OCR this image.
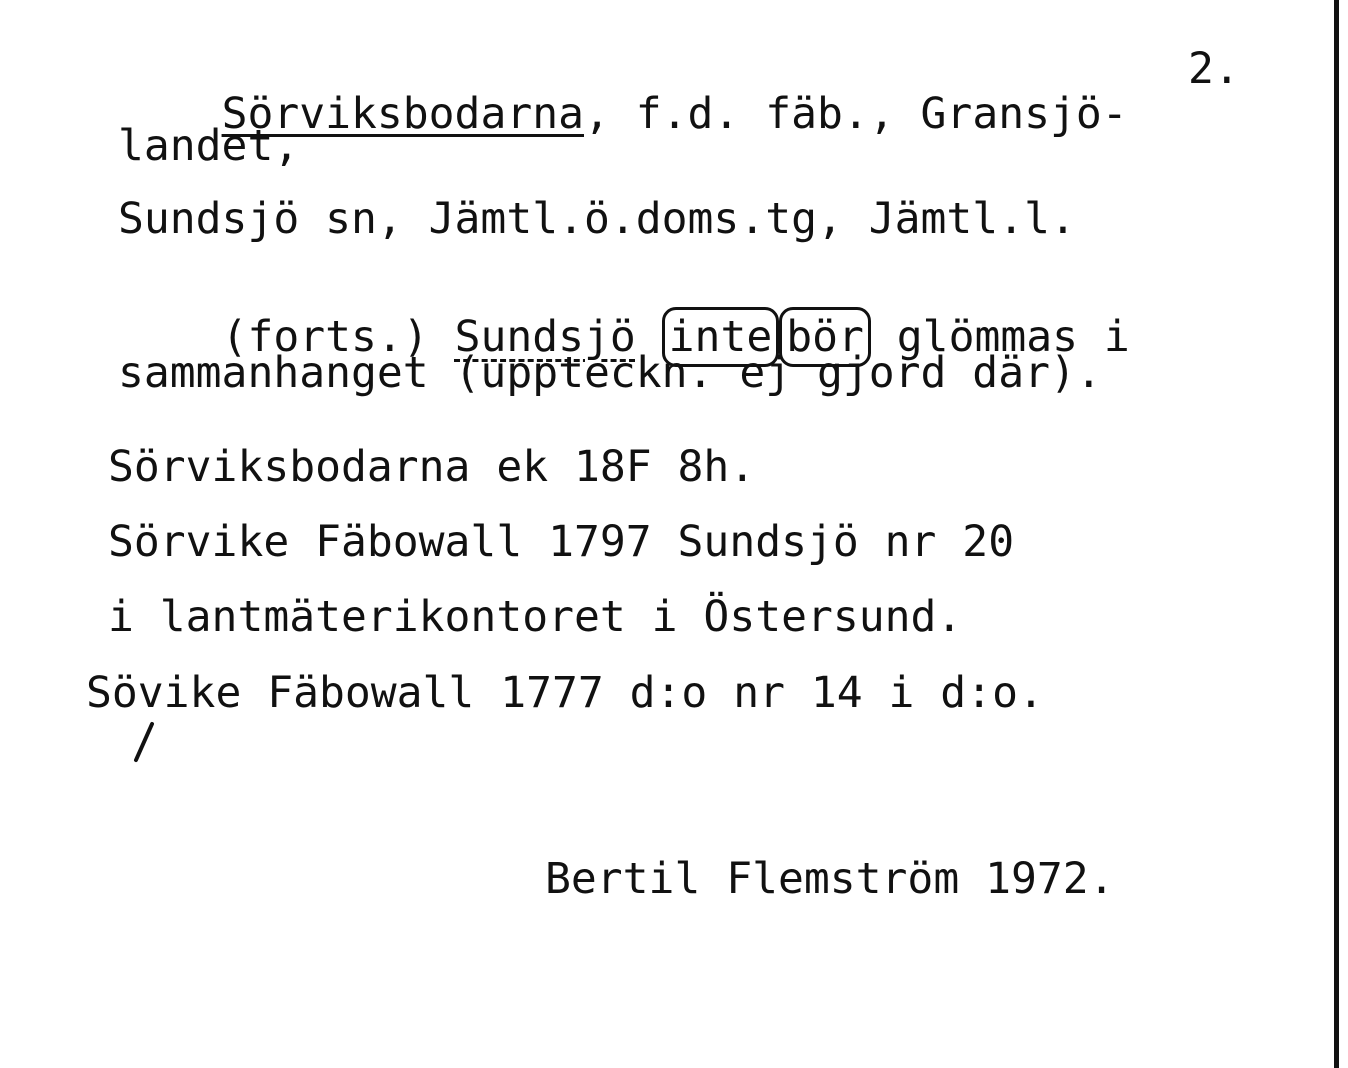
2.

Sörviksbodarna, f.d. fäb., Gransjö-

landet,
Sundsjö sn, Jämtl.ö.doms.tg, Jämtl.l.

(forts.) Sundsjö inte bör glömmas i

sammanhanget (uppteckn. ej gjord där).
Sörviksbodarna ek 18F 8h.
Sörvike Fäbowall 1797 Sundsjö nr 20
i lantmäterikontoret i Östersund.
Sövike Fäbowall 1777 d:o nr 14 i d:o.
Bertil Flemström 1972.
